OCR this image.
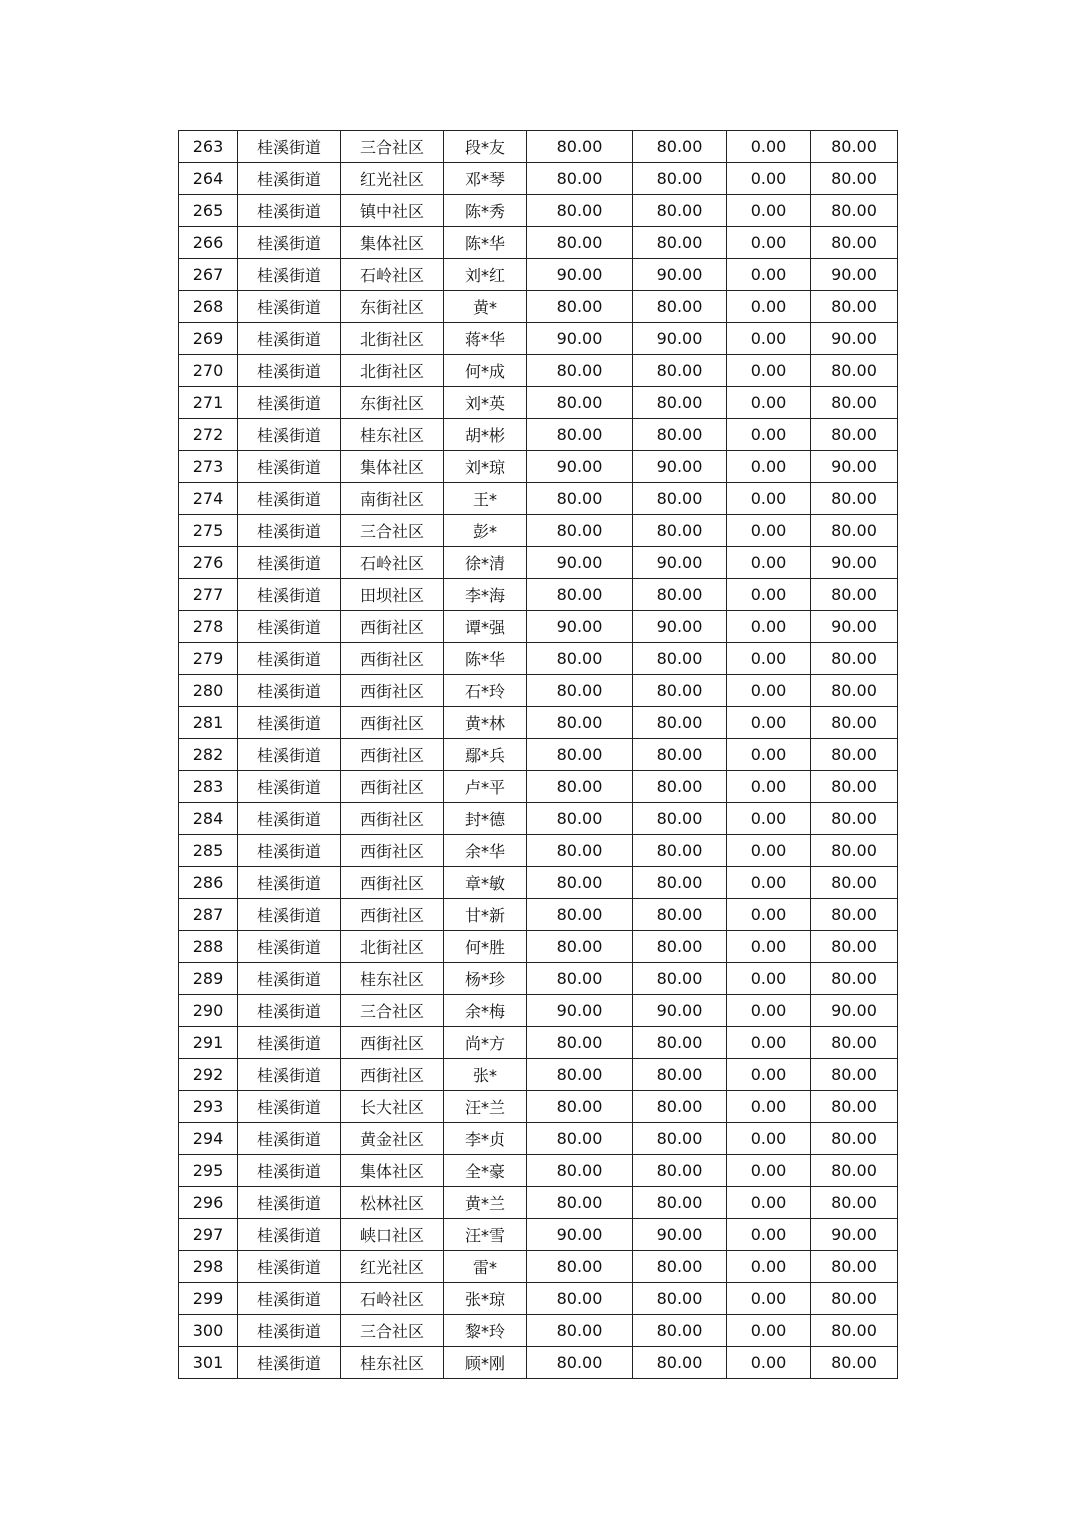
263	桂溪街道	三合社区	段*友	80.00	80.00	0.00	80.00
264	桂溪街道	红光社区	邓*琴	80.00	80.00	0.00	80.00
265	桂溪街道	镇中社区	陈*秀	80.00	80.00	0.00	80.00
266	桂溪街道	集体社区	陈*华	80.00	80.00	0.00	80.00
267	桂溪街道	石岭社区	刘*红	90.00	90.00	0.00	90.00
268	桂溪街道	东街社区	黄*	80.00	80.00	0.00	80.00
269	桂溪街道	北街社区	蒋*华	90.00	90.00	0.00	90.00
270	桂溪街道	北街社区	何*成	80.00	80.00	0.00	80.00
271	桂溪街道	东街社区	刘*英	80.00	80.00	0.00	80.00
272	桂溪街道	桂东社区	胡*彬	80.00	80.00	0.00	80.00
273	桂溪街道	集体社区	刘*琼	90.00	90.00	0.00	90.00
274	桂溪街道	南街社区	王*	80.00	80.00	0.00	80.00
275	桂溪街道	三合社区	彭*	80.00	80.00	0.00	80.00
276	桂溪街道	石岭社区	徐*清	90.00	90.00	0.00	90.00
277	桂溪街道	田坝社区	李*海	80.00	80.00	0.00	80.00
278	桂溪街道	西街社区	谭*强	90.00	90.00	0.00	90.00
279	桂溪街道	西街社区	陈*华	80.00	80.00	0.00	80.00
280	桂溪街道	西街社区	石*玲	80.00	80.00	0.00	80.00
281	桂溪街道	西街社区	黄*林	80.00	80.00	0.00	80.00
282	桂溪街道	西街社区	鄢*兵	80.00	80.00	0.00	80.00
283	桂溪街道	西街社区	卢*平	80.00	80.00	0.00	80.00
284	桂溪街道	西街社区	封*德	80.00	80.00	0.00	80.00
285	桂溪街道	西街社区	余*华	80.00	80.00	0.00	80.00
286	桂溪街道	西街社区	章*敏	80.00	80.00	0.00	80.00
287	桂溪街道	西街社区	甘*新	80.00	80.00	0.00	80.00
288	桂溪街道	北街社区	何*胜	80.00	80.00	0.00	80.00
289	桂溪街道	桂东社区	杨*珍	80.00	80.00	0.00	80.00
290	桂溪街道	三合社区	余*梅	90.00	90.00	0.00	90.00
291	桂溪街道	西街社区	尚*方	80.00	80.00	0.00	80.00
292	桂溪街道	西街社区	张*	80.00	80.00	0.00	80.00
293	桂溪街道	长大社区	汪*兰	80.00	80.00	0.00	80.00
294	桂溪街道	黄金社区	李*贞	80.00	80.00	0.00	80.00
295	桂溪街道	集体社区	全*豪	80.00	80.00	0.00	80.00
296	桂溪街道	松林社区	黄*兰	80.00	80.00	0.00	80.00
297	桂溪街道	峡口社区	汪*雪	90.00	90.00	0.00	90.00
298	桂溪街道	红光社区	雷*	80.00	80.00	0.00	80.00
299	桂溪街道	石岭社区	张*琼	80.00	80.00	0.00	80.00
300	桂溪街道	三合社区	黎*玲	80.00	80.00	0.00	80.00
301	桂溪街道	桂东社区	顾*刚	80.00	80.00	0.00	80.00
